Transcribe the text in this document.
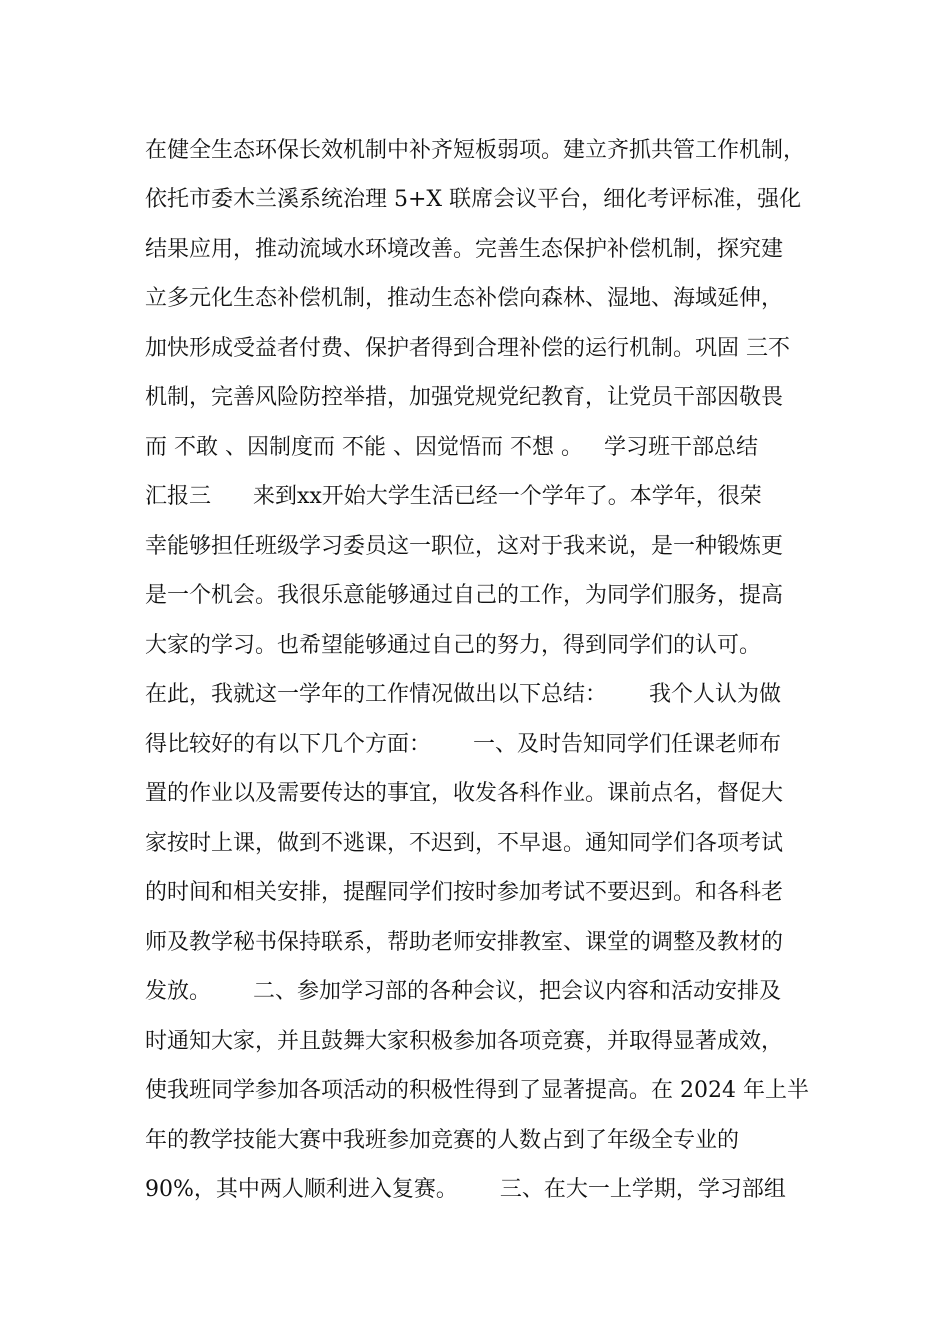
在健全生态环保长效机制中补齐短板弱项。建立齐抓共管工作机制，
依托市委木兰溪系统治理 5+X 联席会议平台，细化考评标准，强化
结果应用，推动流域水环境改善。完善生态保护补偿机制，探究建
立多元化生态补偿机制，推动生态补偿向森林、湿地、海域延伸，
加快形成受益者付费、保护者得到合理补偿的运行机制。巩固 三不
机制，完善风险防控举措，加强党规党纪教育，让党员干部因敬畏
而 不敢 、因制度而 不能 、因觉悟而 不想 。   学习班干部总结
汇报三      来到xx开始大学生活已经一个学年了。本学年，很荣
幸能够担任班级学习委员这一职位，这对于我来说，是一种锻炼更
是一个机会。我很乐意能够通过自己的工作，为同学们服务，提高
大家的学习。也希望能够通过自己的努力，得到同学们的认可。
在此，我就这一学年的工作情况做出以下总结：      我个人认为做
得比较好的有以下几个方面：      一、及时告知同学们任课老师布
置的作业以及需要传达的事宜，收发各科作业。课前点名，督促大
家按时上课，做到不逃课，不迟到，不早退。通知同学们各项考试
的时间和相关安排，提醒同学们按时参加考试不要迟到。和各科老
师及教学秘书保持联系，帮助老师安排教室、课堂的调整及教材的
发放。      二、参加学习部的各种会议，把会议内容和活动安排及
时通知大家，并且鼓舞大家积极参加各项竞赛，并取得显著成效，
使我班同学参加各项活动的积极性得到了显著提高。在 2024 年上半
年的教学技能大赛中我班参加竞赛的人数占到了年级全专业的
90%，其中两人顺利进入复赛。      三、在大一上学期，学习部组
